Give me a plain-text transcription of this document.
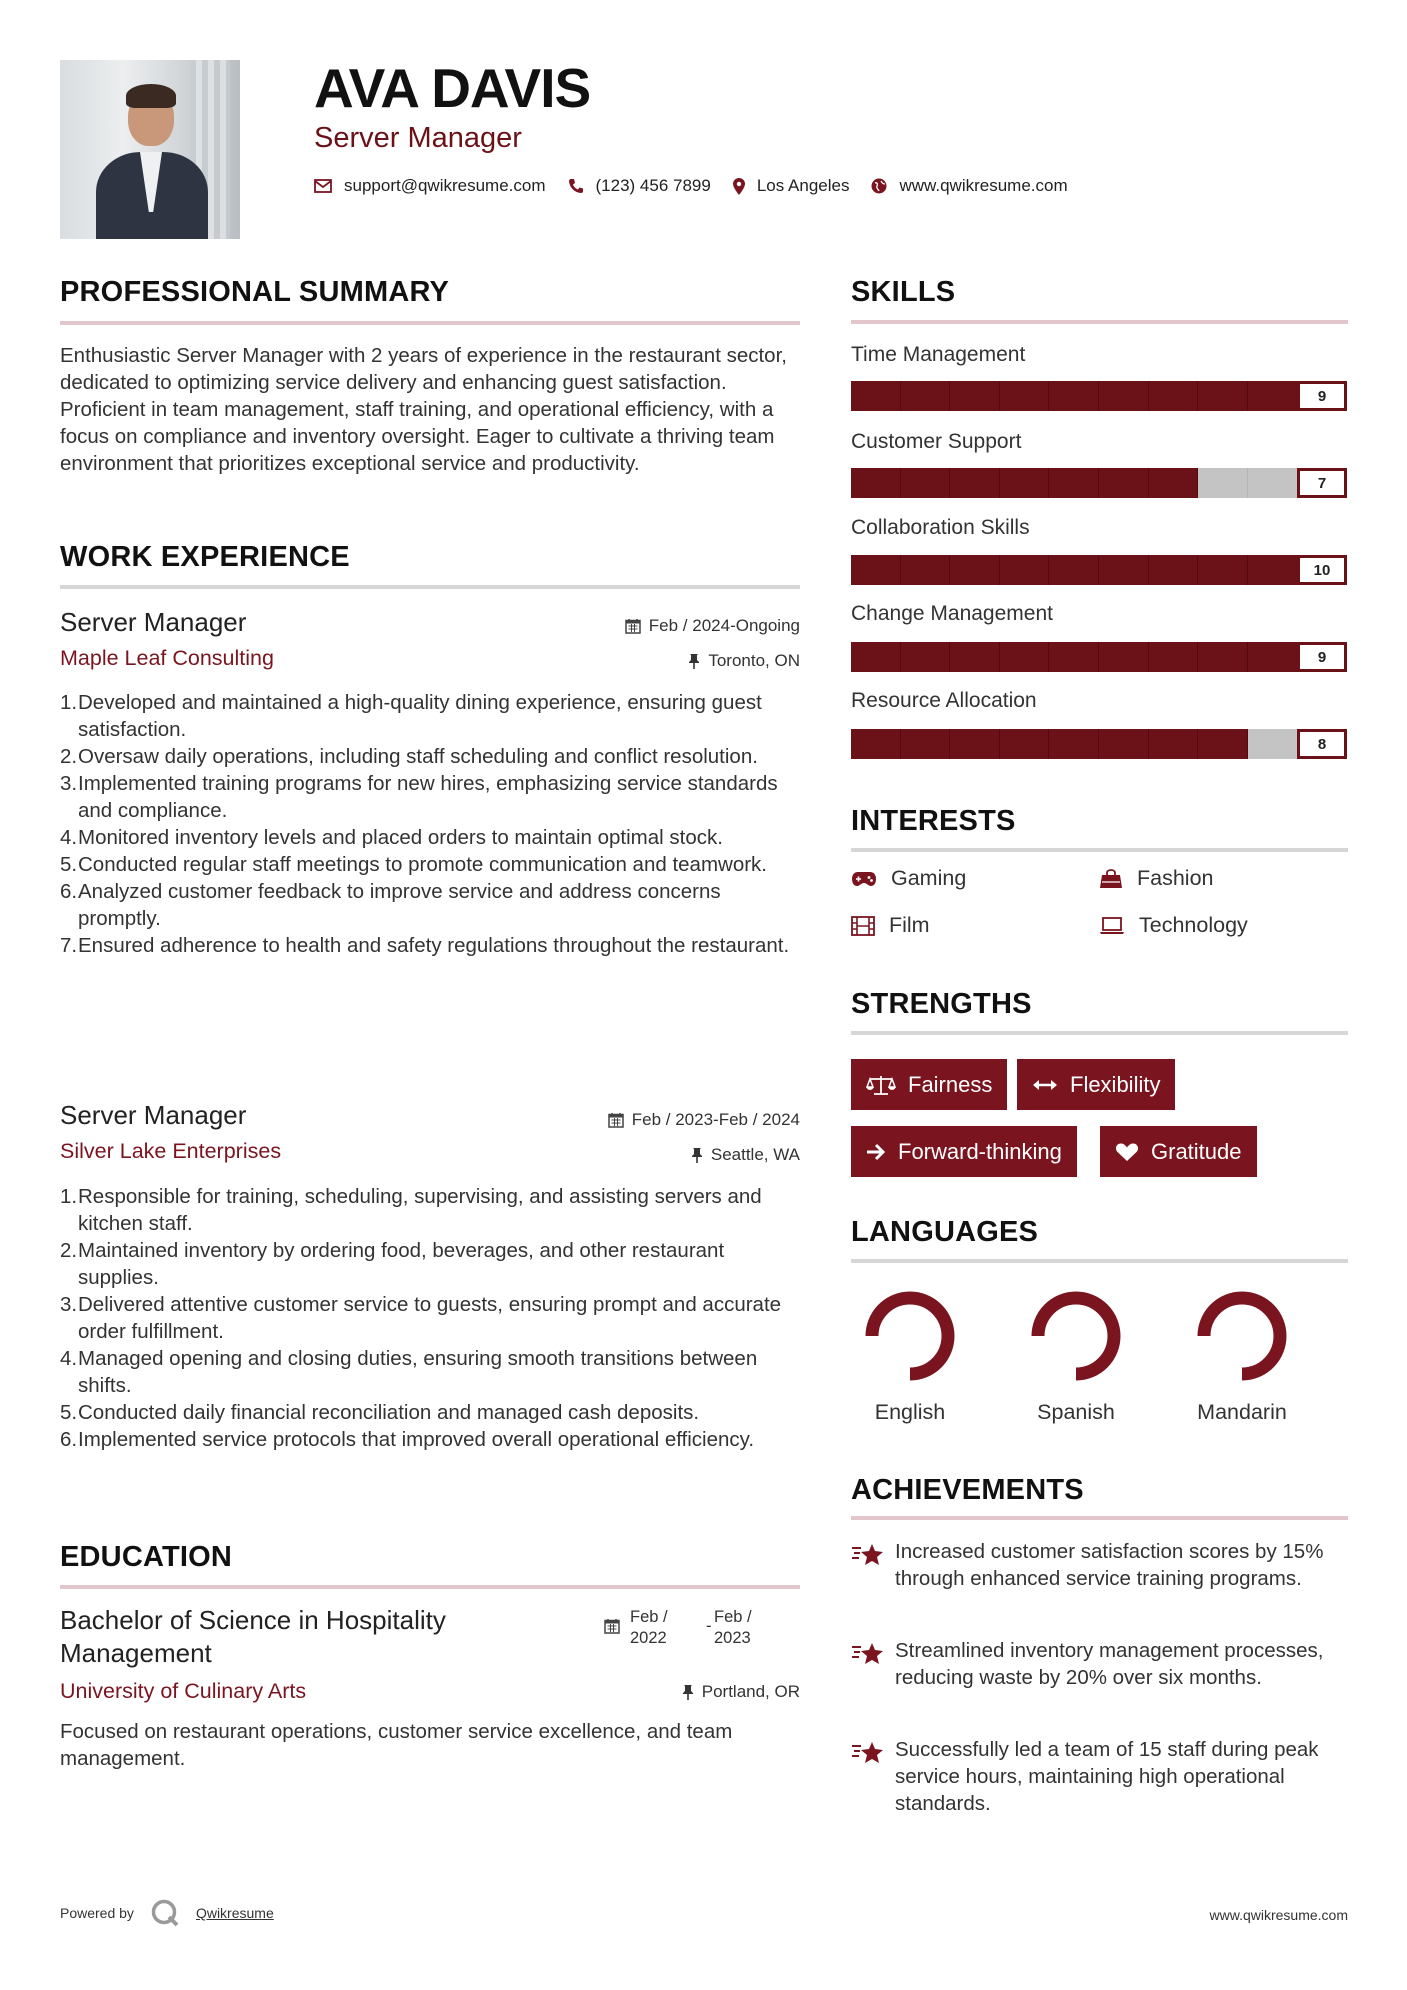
AVA DAVIS
Server Manager
support@qwikresume.com	(123) 456 7899	Los Angeles	www.qwikresume.com
PROFESSIONAL SUMMARY
Enthusiastic Server Manager with 2 years of experience in the restaurant sector, dedicated to optimizing service delivery and enhancing guest satisfaction. Proficient in team management, staff training, and operational efficiency, with a focus on compliance and inventory oversight. Eager to cultivate a thriving team environment that prioritizes exceptional service and productivity.
WORK EXPERIENCE
Server Manager
Maple Leaf Consulting
Feb / 2024-Ongoing
Toronto, ON
1. Developed and maintained a high-quality dining experience, ensuring guest satisfaction.
2. Oversaw daily operations, including staff scheduling and conflict resolution.
3. Implemented training programs for new hires, emphasizing service standards and compliance.
4. Monitored inventory levels and placed orders to maintain optimal stock.
5. Conducted regular staff meetings to promote communication and teamwork.
6. Analyzed customer feedback to improve service and address concerns promptly.
7. Ensured adherence to health and safety regulations throughout the restaurant.
Server Manager
Silver Lake Enterprises
Feb / 2023-Feb / 2024
Seattle, WA
1. Responsible for training, scheduling, supervising, and assisting servers and kitchen staff.
2. Maintained inventory by ordering food, beverages, and other restaurant supplies.
3. Delivered attentive customer service to guests, ensuring prompt and accurate order fulfillment.
4. Managed opening and closing duties, ensuring smooth transitions between shifts.
5. Conducted daily financial reconciliation and managed cash deposits.
6. Implemented service protocols that improved overall operational efficiency.
EDUCATION
Bachelor of Science in Hospitality Management
University of Culinary Arts
Feb /
2022
- Feb /
2023
Portland, OR
Focused on restaurant operations, customer service excellence, and team management.
SKILLS
Time Management
9
Customer Support
7
Collaboration Skills
10
Change Management
9
Resource Allocation
8
INTERESTS
Gaming	Fashion
Film	Technology
STRENGTHS
Fairness	Flexibility
Forward-thinking	Gratitude
LANGUAGES
English	Spanish	Mandarin
ACHIEVEMENTS
Increased customer satisfaction scores by 15% through enhanced service training programs.
Streamlined inventory management processes, reducing waste by 20% over six months.
Successfully led a team of 15 staff during peak service hours, maintaining high operational standards.
Powered by	Qwikresume	www.qwikresume.com
